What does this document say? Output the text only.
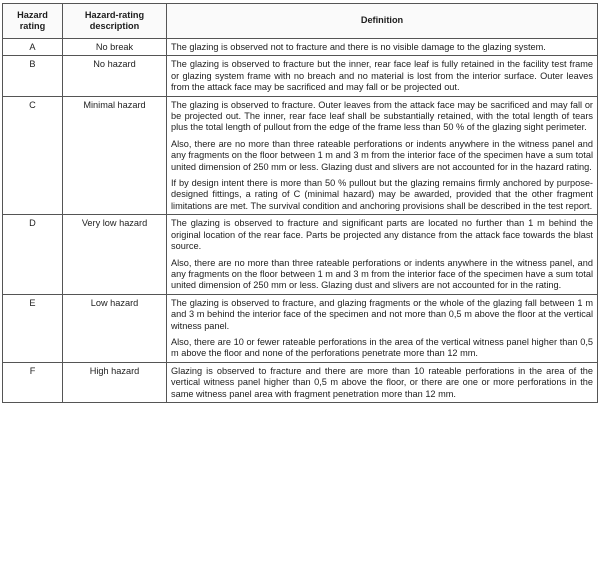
Hazard rating	Hazard-rating description	Definition
A	No break	The glazing is observed not to fracture and there is no visible damage to the glazing system.

B	No hazard	The glazing is observed to fracture but the inner, rear face leaf is fully retained in the facility test frame or glazing system frame with no breach and no material is lost from the interior surface. Outer leaves from the attack face may be sacrificed and may fall or be projected out.

C	Minimal hazard	The glazing is observed to fracture. Outer leaves from the attack face may be sacrificed and may fall or be projected out. The inner, rear face leaf shall be substantially retained, with the total length of tears plus the total length of pullout from the edge of the frame less than 50 % of the glazing sight perimeter.

Also, there are no more than three rateable perforations or indents anywhere in the witness panel and any fragments on the floor between 1 m and 3 m from the interior face of the specimen have a sum total united dimension of 250 mm or less. Glazing dust and slivers are not accounted for in the hazard rating.

If by design intent there is more than 50 % pullout but the glazing remains firmly anchored by purpose-designed fittings, a rating of C (minimal hazard) may be awarded, provided that the other fragment limitations are met. The survival condition and anchoring provisions shall be described in the test report.

D	Very low hazard	The glazing is observed to fracture and significant parts are located no further than 1 m behind the original location of the rear face. Parts be projected any distance from the attack face towards the blast source.

Also, there are no more than three rateable perforations or indents anywhere in the witness panel, and any fragments on the floor between 1 m and 3 m from the interior face of the specimen have a sum total united dimension of 250 mm or less. Glazing dust and slivers are not accounted for in the rating.

E	Low hazard	The glazing is observed to fracture, and glazing fragments or the whole of the glazing fall between 1 m and 3 m behind the interior face of the specimen and not more than 0,5 m above the floor at the vertical witness panel.

Also, there are 10 or fewer rateable perforations in the area of the vertical witness panel higher than 0,5 m above the floor and none of the perforations penetrate more than 12 mm.

F	High hazard	Glazing is observed to fracture and there are more than 10 rateable perforations in the area of the vertical witness panel higher than 0,5 m above the floor, or there are one or more perforations in the same witness panel area with fragment penetration more than 12 mm.
